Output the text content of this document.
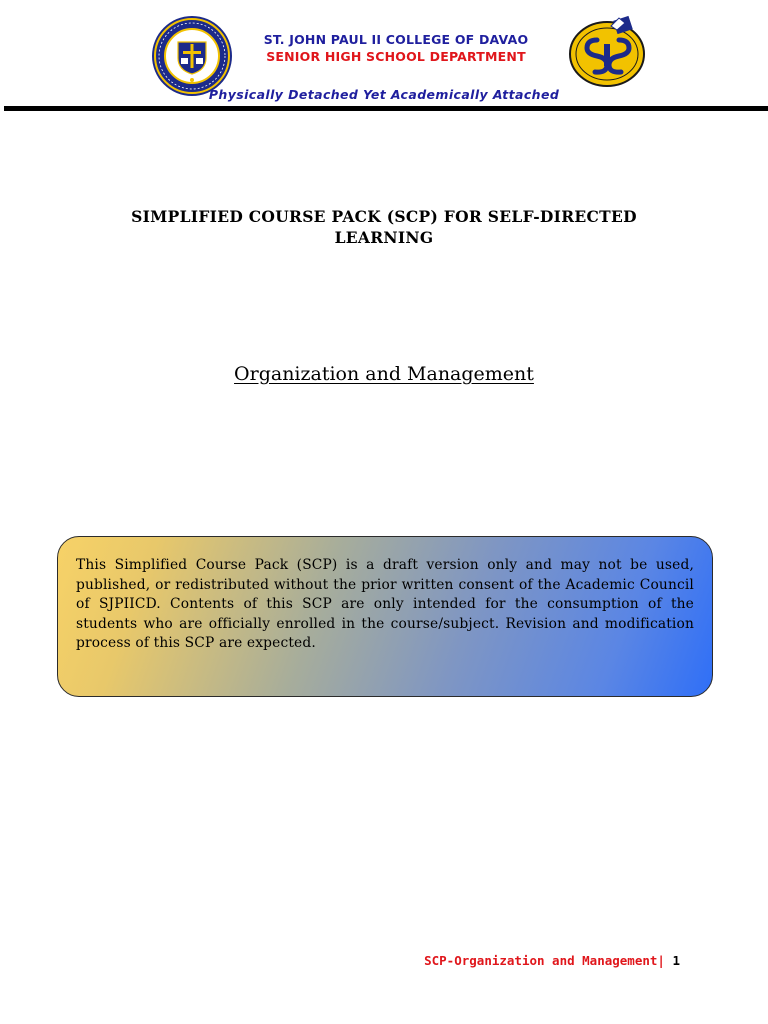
ST. JOHN PAUL II COLLEGE OF DAVAO
SENIOR HIGH SCHOOL DEPARTMENT
Physically Detached Yet Academically Attached
SIMPLIFIED COURSE PACK (SCP) FOR SELF-DIRECTED LEARNING
Organization and Management
This Simplified Course Pack (SCP) is a draft version only and may not be used, published, or redistributed without the prior written consent of the Academic Council of SJPIICD. Contents of this SCP are only intended for the consumption of the students who are officially enrolled in the course/subject. Revision and modification process of this SCP are expected.
SCP-Organization and Management| 1
